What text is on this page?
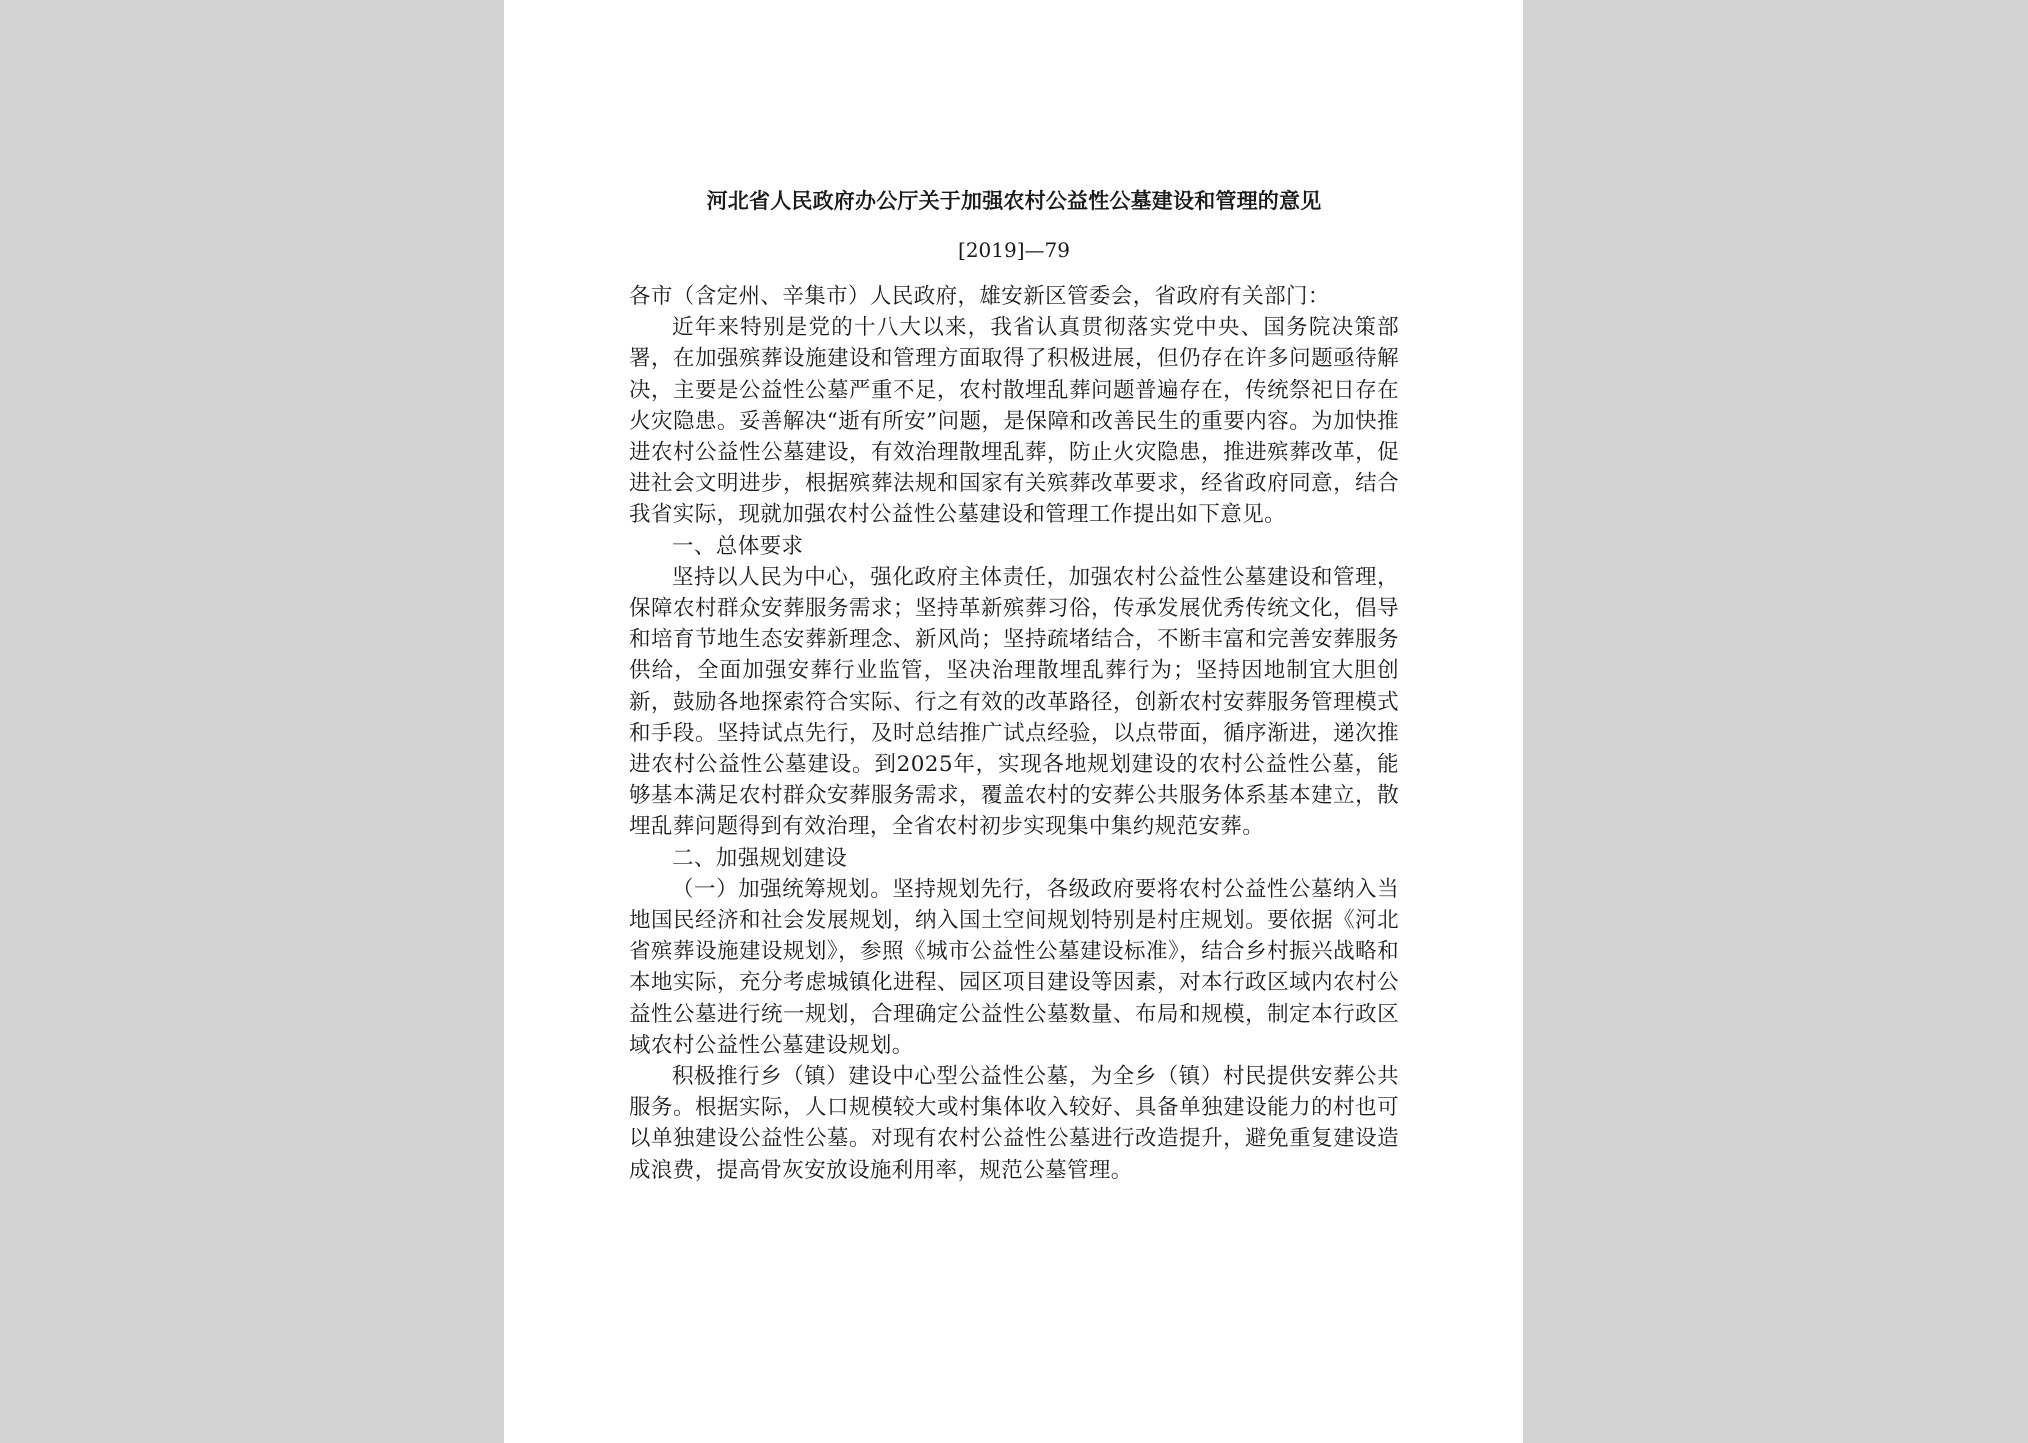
河北省人民政府办公厅关于加强农村公益性公墓建设和管理的意见

[2019]—79

各市（含定州、辛集市）人民政府，雄安新区管委会，省政府有关部门：

近年来特别是党的十八大以来，我省认真贯彻落实党中央、国务院决策部署，在加强殡葬设施建设和管理方面取得了积极进展，但仍存在许多问题亟待解决，主要是公益性公墓严重不足，农村散埋乱葬问题普遍存在，传统祭祀日存在火灾隐患。妥善解决“逝有所安”问题，是保障和改善民生的重要内容。为加快推进农村公益性公墓建设，有效治理散埋乱葬，防止火灾隐患，推进殡葬改革，促进社会文明进步，根据殡葬法规和国家有关殡葬改革要求，经省政府同意，结合我省实际，现就加强农村公益性公墓建设和管理工作提出如下意见。

一、总体要求

坚持以人民为中心，强化政府主体责任，加强农村公益性公墓建设和管理，保障农村群众安葬服务需求；坚持革新殡葬习俗，传承发展优秀传统文化，倡导和培育节地生态安葬新理念、新风尚；坚持疏堵结合，不断丰富和完善安葬服务供给，全面加强安葬行业监管，坚决治理散埋乱葬行为；坚持因地制宜大胆创新，鼓励各地探索符合实际、行之有效的改革路径，创新农村安葬服务管理模式和手段。坚持试点先行，及时总结推广试点经验，以点带面，循序渐进，递次推进农村公益性公墓建设。到2025年，实现各地规划建设的农村公益性公墓，能够基本满足农村群众安葬服务需求，覆盖农村的安葬公共服务体系基本建立，散埋乱葬问题得到有效治理，全省农村初步实现集中集约规范安葬。

二、加强规划建设

（一）加强统筹规划。坚持规划先行，各级政府要将农村公益性公墓纳入当地国民经济和社会发展规划，纳入国土空间规划特别是村庄规划。要依据《河北省殡葬设施建设规划》，参照《城市公益性公墓建设标准》，结合乡村振兴战略和本地实际，充分考虑城镇化进程、园区项目建设等因素，对本行政区域内农村公益性公墓进行统一规划，合理确定公益性公墓数量、布局和规模，制定本行政区域农村公益性公墓建设规划。

积极推行乡（镇）建设中心型公益性公墓，为全乡（镇）村民提供安葬公共服务。根据实际，人口规模较大或村集体收入较好、具备单独建设能力的村也可以单独建设公益性公墓。对现有农村公益性公墓进行改造提升，避免重复建设造成浪费，提高骨灰安放设施利用率，规范公墓管理。
